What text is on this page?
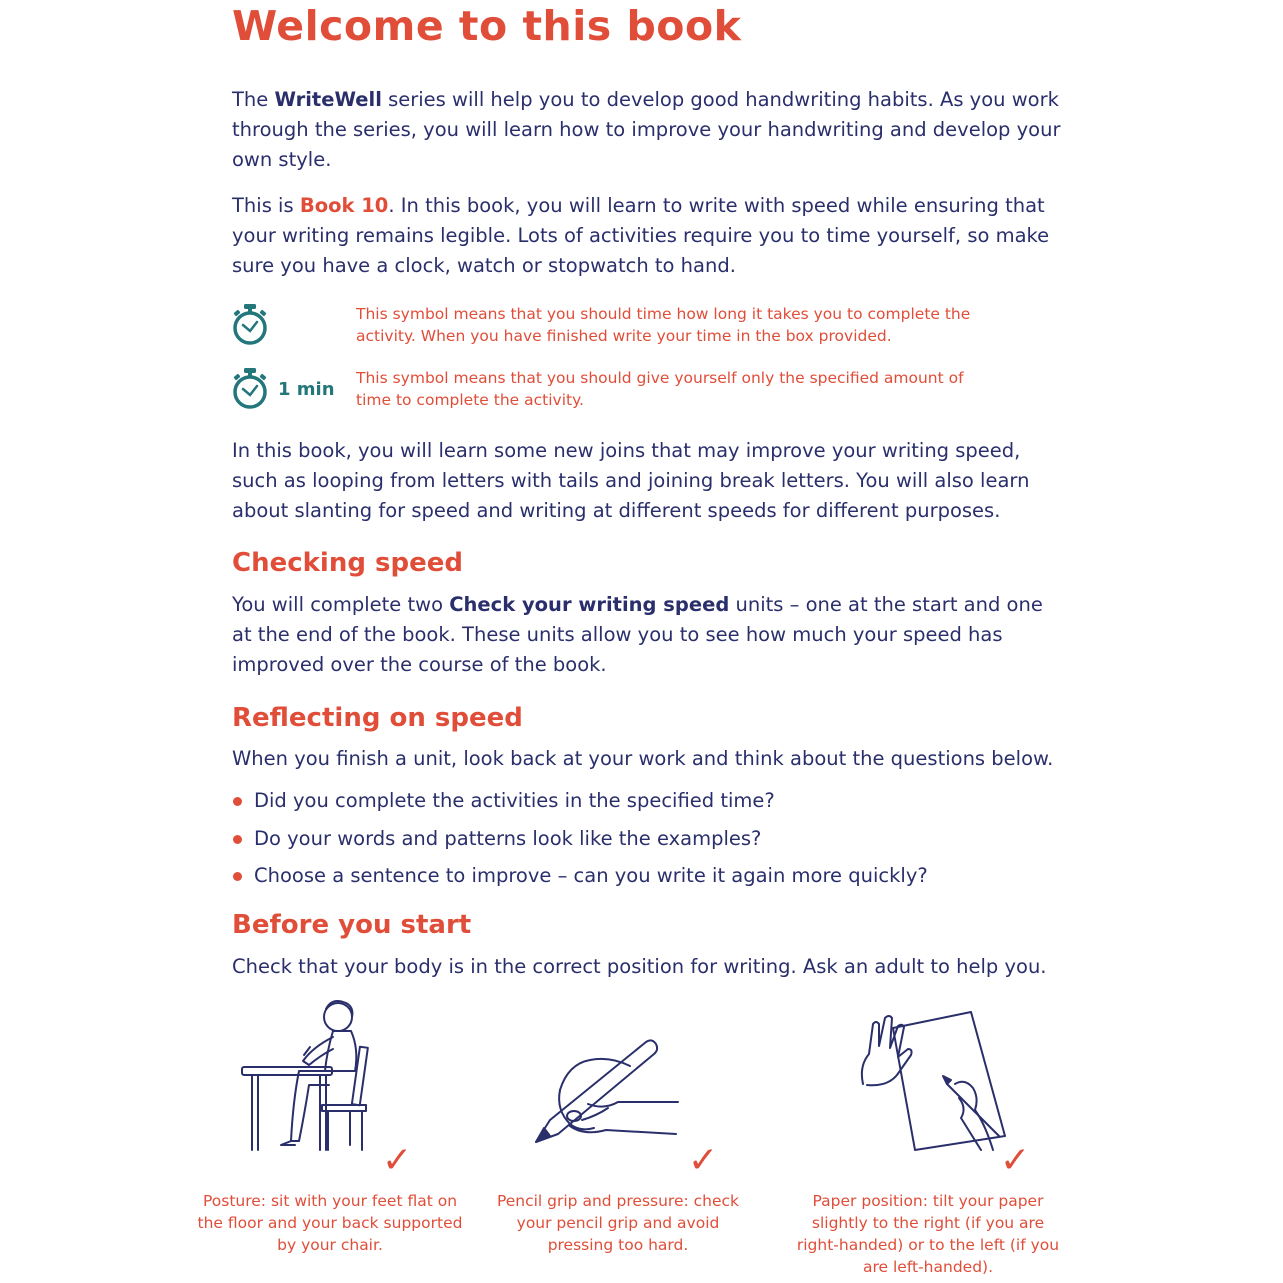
Welcome to this book

The WriteWell series will help you to develop good handwriting habits. As you work through the series, you will learn how to improve your handwriting and develop your own style.

This is Book 10. In this book, you will learn to write with speed while ensuring that your writing remains legible. Lots of activities require you to time yourself, so make sure you have a clock, watch or stopwatch to hand.

This symbol means that you should time how long it takes you to complete the activity. When you have finished write your time in the box provided.
1 min
This symbol means that you should give yourself only the specified amount of time to complete the activity.

In this book, you will learn some new joins that may improve your writing speed, such as looping from letters with tails and joining break letters. You will also learn about slanting for speed and writing at different speeds for different purposes.

Checking speed

You will complete two Check your writing speed units – one at the start and one at the end of the book. These units allow you to see how much your speed has improved over the course of the book.

Reflecting on speed

When you finish a unit, look back at your work and think about the questions below.

Did you complete the activities in the specified time?
Do your words and patterns look like the examples?
Choose a sentence to improve – can you write it again more quickly?
Before you start

Check that your body is in the correct position for writing. Ask an adult to help you.

✓
Posture: sit with your feet flat on the floor and your back supported by your chair.
✓
Pencil grip and pressure: check your pencil grip and avoid pressing too hard.
✓
Paper position: tilt your paper slightly to the right (if you are right-handed) or to the left (if you are left-handed).
